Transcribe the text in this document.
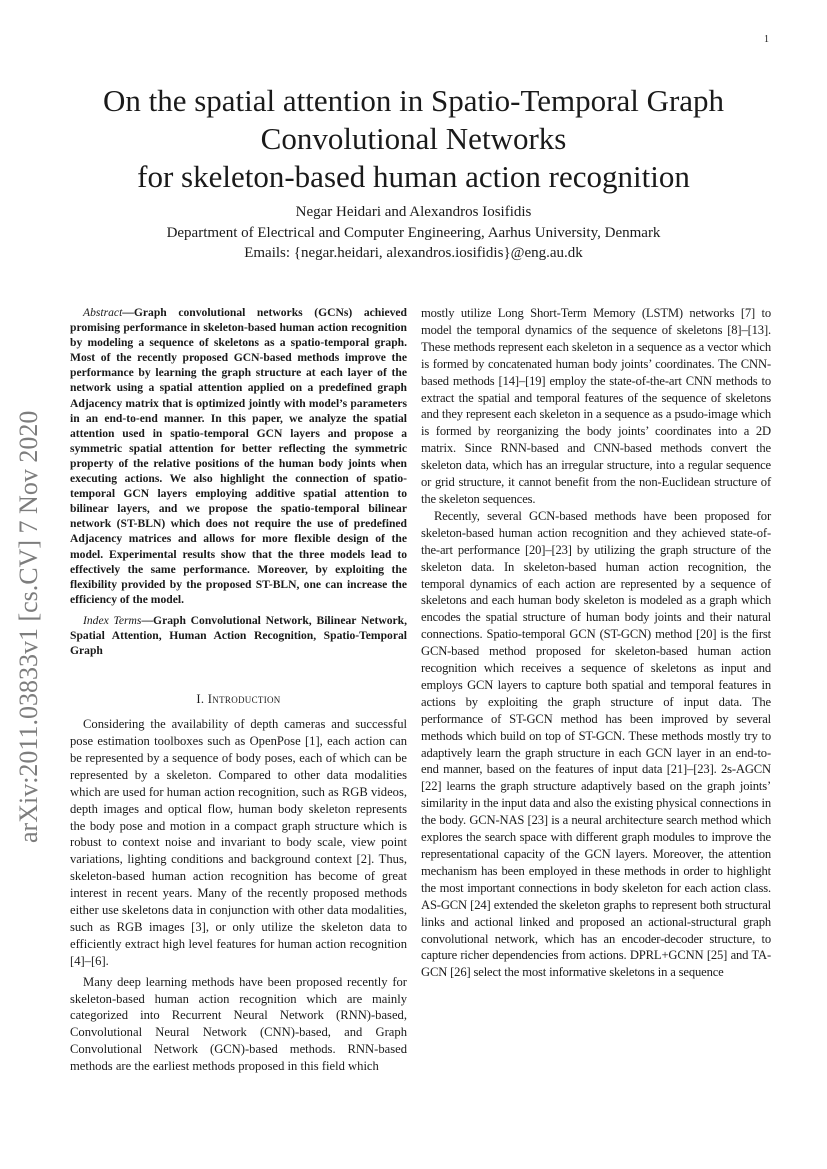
1
arXiv:2011.03833v1 [cs.CV] 7 Nov 2020
On the spatial attention in Spatio-Temporal Graph
Convolutional Networks
for skeleton-based human action recognition
Negar Heidari and Alexandros Iosifidis
Department of Electrical and Computer Engineering, Aarhus University, Denmark
Emails: {negar.heidari, alexandros.iosifidis}@eng.au.dk

Abstract—Graph convolutional networks (GCNs) achieved promising performance in skeleton-based human action recognition by modeling a sequence of skeletons as a spatio-temporal graph. Most of the recently proposed GCN-based methods improve the performance by learning the graph structure at each layer of the network using a spatial attention applied on a predefined graph Adjacency matrix that is optimized jointly with model’s parameters in an end-to-end manner. In this paper, we analyze the spatial attention used in spatio-temporal GCN layers and propose a symmetric spatial attention for better reflecting the symmetric property of the relative positions of the human body joints when executing actions. We also highlight the connection of spatio-temporal GCN layers employing additive spatial attention to bilinear layers, and we propose the spatio-temporal bilinear network (ST-BLN) which does not require the use of predefined Adjacency matrices and allows for more flexible design of the model. Experimental results show that the three models lead to effectively the same performance. Moreover, by exploiting the flexibility provided by the proposed ST-BLN, one can increase the efficiency of the model.

Index Terms—Graph Convolutional Network, Bilinear Network, Spatial Attention, Human Action Recognition, Spatio-Temporal Graph

I. Introduction

Considering the availability of depth cameras and successful pose estimation toolboxes such as OpenPose [1], each action can be represented by a sequence of body poses, each of which can be represented by a skeleton. Compared to other data modalities which are used for human action recognition, such as RGB videos, depth images and optical flow, human body skeleton represents the body pose and motion in a compact graph structure which is robust to context noise and invariant to body scale, view point variations, lighting conditions and background context [2]. Thus, skeleton-based human action recognition has become of great interest in recent years. Many of the recently proposed methods either use skeletons data in conjunction with other data modalities, such as RGB images [3], or only utilize the skeleton data to efficiently extract high level features for human action recognition [4]–[6].

Many deep learning methods have been proposed recently for skeleton-based human action recognition which are mainly categorized into Recurrent Neural Network (RNN)-based, Convolutional Neural Network (CNN)-based, and Graph Convolutional Network (GCN)-based methods. RNN-based methods are the earliest methods proposed in this field which

mostly utilize Long Short-Term Memory (LSTM) networks [7] to model the temporal dynamics of the sequence of skeletons [8]–[13]. These methods represent each skeleton in a sequence as a vector which is formed by concatenated human body joints’ coordinates. The CNN-based methods [14]–[19] employ the state-of-the-art CNN methods to extract the spatial and temporal features of the sequence of skeletons and they represent each skeleton in a sequence as a psudo-image which is formed by reorganizing the body joints’ coordinates into a 2D matrix. Since RNN-based and CNN-based methods convert the skeleton data, which has an irregular structure, into a regular sequence or grid structure, it cannot benefit from the non-Euclidean structure of the skeleton sequences.

Recently, several GCN-based methods have been proposed for skeleton-based human action recognition and they achieved state-of-the-art performance [20]–[23] by utilizing the graph structure of the skeleton data. In skeleton-based human action recognition, the temporal dynamics of each action are represented by a sequence of skeletons and each human body skeleton is modeled as a graph which encodes the spatial structure of human body joints and their natural connections. Spatio-temporal GCN (ST-GCN) method [20] is the first GCN-based method proposed for skeleton-based human action recognition which receives a sequence of skeletons as input and employs GCN layers to capture both spatial and temporal features in actions by exploiting the graph structure of input data. The performance of ST-GCN method has been improved by several methods which build on top of ST-GCN. These methods mostly try to adaptively learn the graph structure in each GCN layer in an end-to-end manner, based on the features of input data [21]–[23]. 2s-AGCN [22] learns the graph structure adaptively based on the graph joints’ similarity in the input data and also the existing physical connections in the body. GCN-NAS [23] is a neural architecture search method which explores the search space with different graph modules to improve the representational capacity of the GCN layers. Moreover, the attention mechanism has been employed in these methods in order to highlight the most important connections in body skeleton for each action class. AS-GCN [24] extended the skeleton graphs to represent both structural links and actional linked and proposed an actional-structural graph convolutional network, which has an encoder-decoder structure, to capture richer dependencies from actions. DPRL+GCNN [25] and TA-GCN [26] select the most informative skeletons in a sequence
